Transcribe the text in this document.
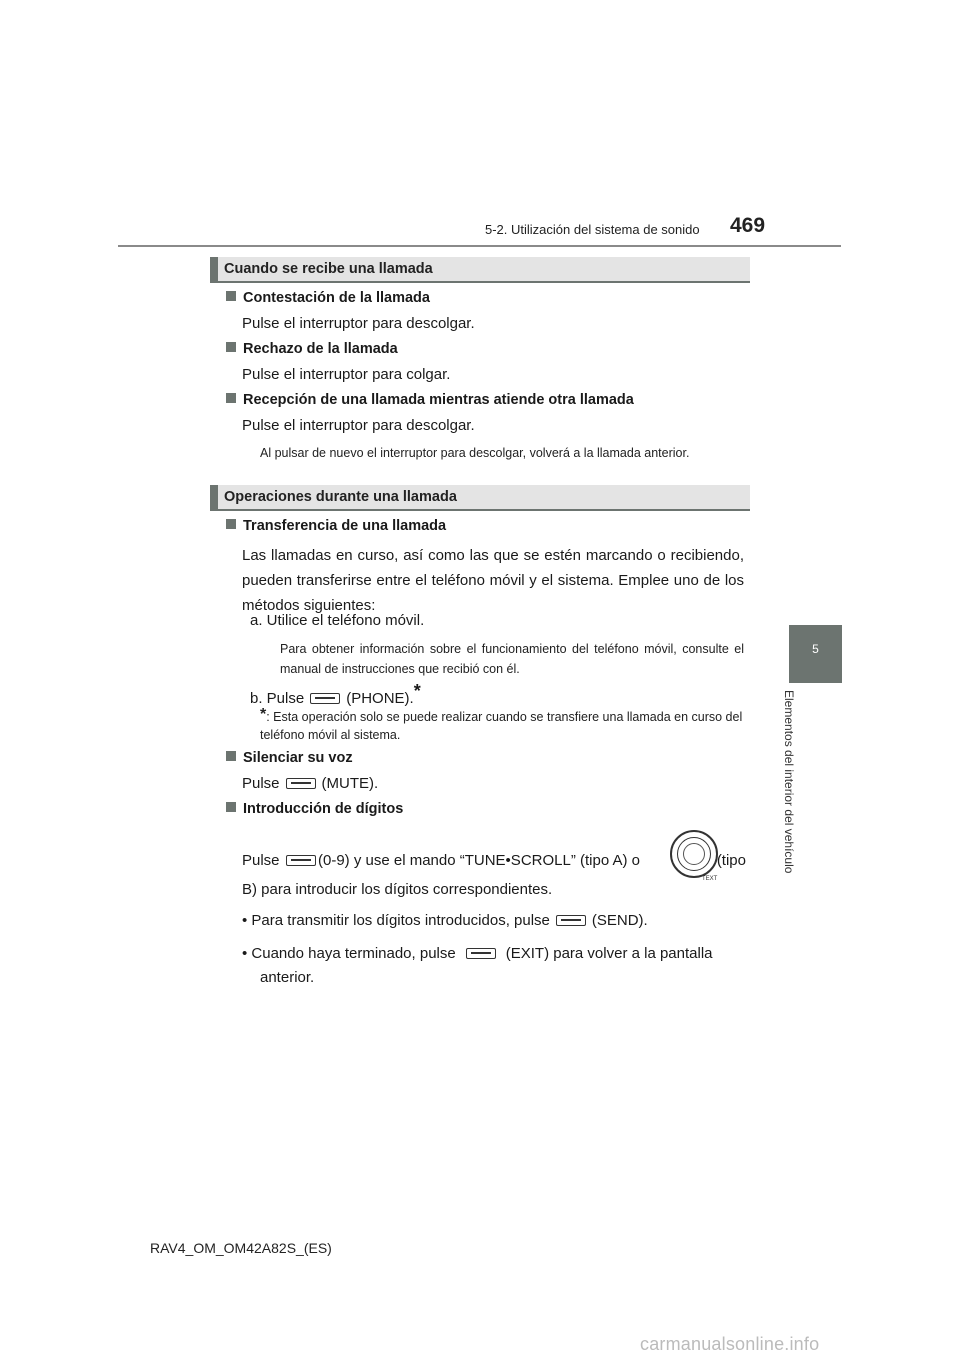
5-2. Utilización del sistema de sonido 469
5
Elementos del interior del vehículo
Cuando se recibe una llamada
Contestación de la llamada
Pulse el interruptor para descolgar.
Rechazo de la llamada
Pulse el interruptor para colgar.
Recepción de una llamada mientras atiende otra llamada
Pulse el interruptor para descolgar.
Al pulsar de nuevo el interruptor para descolgar, volverá a la llamada anterior.
Operaciones durante una llamada
Transferencia de una llamada
Las llamadas en curso, así como las que se estén marcando o recibiendo, pueden transferirse entre el teléfono móvil y el sistema. Emplee uno de los métodos siguientes:
a. Utilice el teléfono móvil.
Para obtener información sobre el funcionamiento del teléfono móvil, consulte el manual de instrucciones que recibió con él.
b. Pulse	(PHONE).*
*: Esta operación solo se puede realizar cuando se transfiere una llamada en curso del teléfono móvil al sistema.
Silenciar su voz
Pulse	(MUTE).
Introducción de dígitos
Pulse	(0-9) y use el mando “TUNE•SCROLL” (tipo A) o
TEXT
(tipo
B) para introducir los dígitos correspondientes.
• Para transmitir los dígitos introducidos, pulse	(SEND).
• Cuando haya terminado, pulse	(EXIT) para volver a la pantalla
anterior.
RAV4_OM_OM42A82S_(ES)
carmanualsonline.info
